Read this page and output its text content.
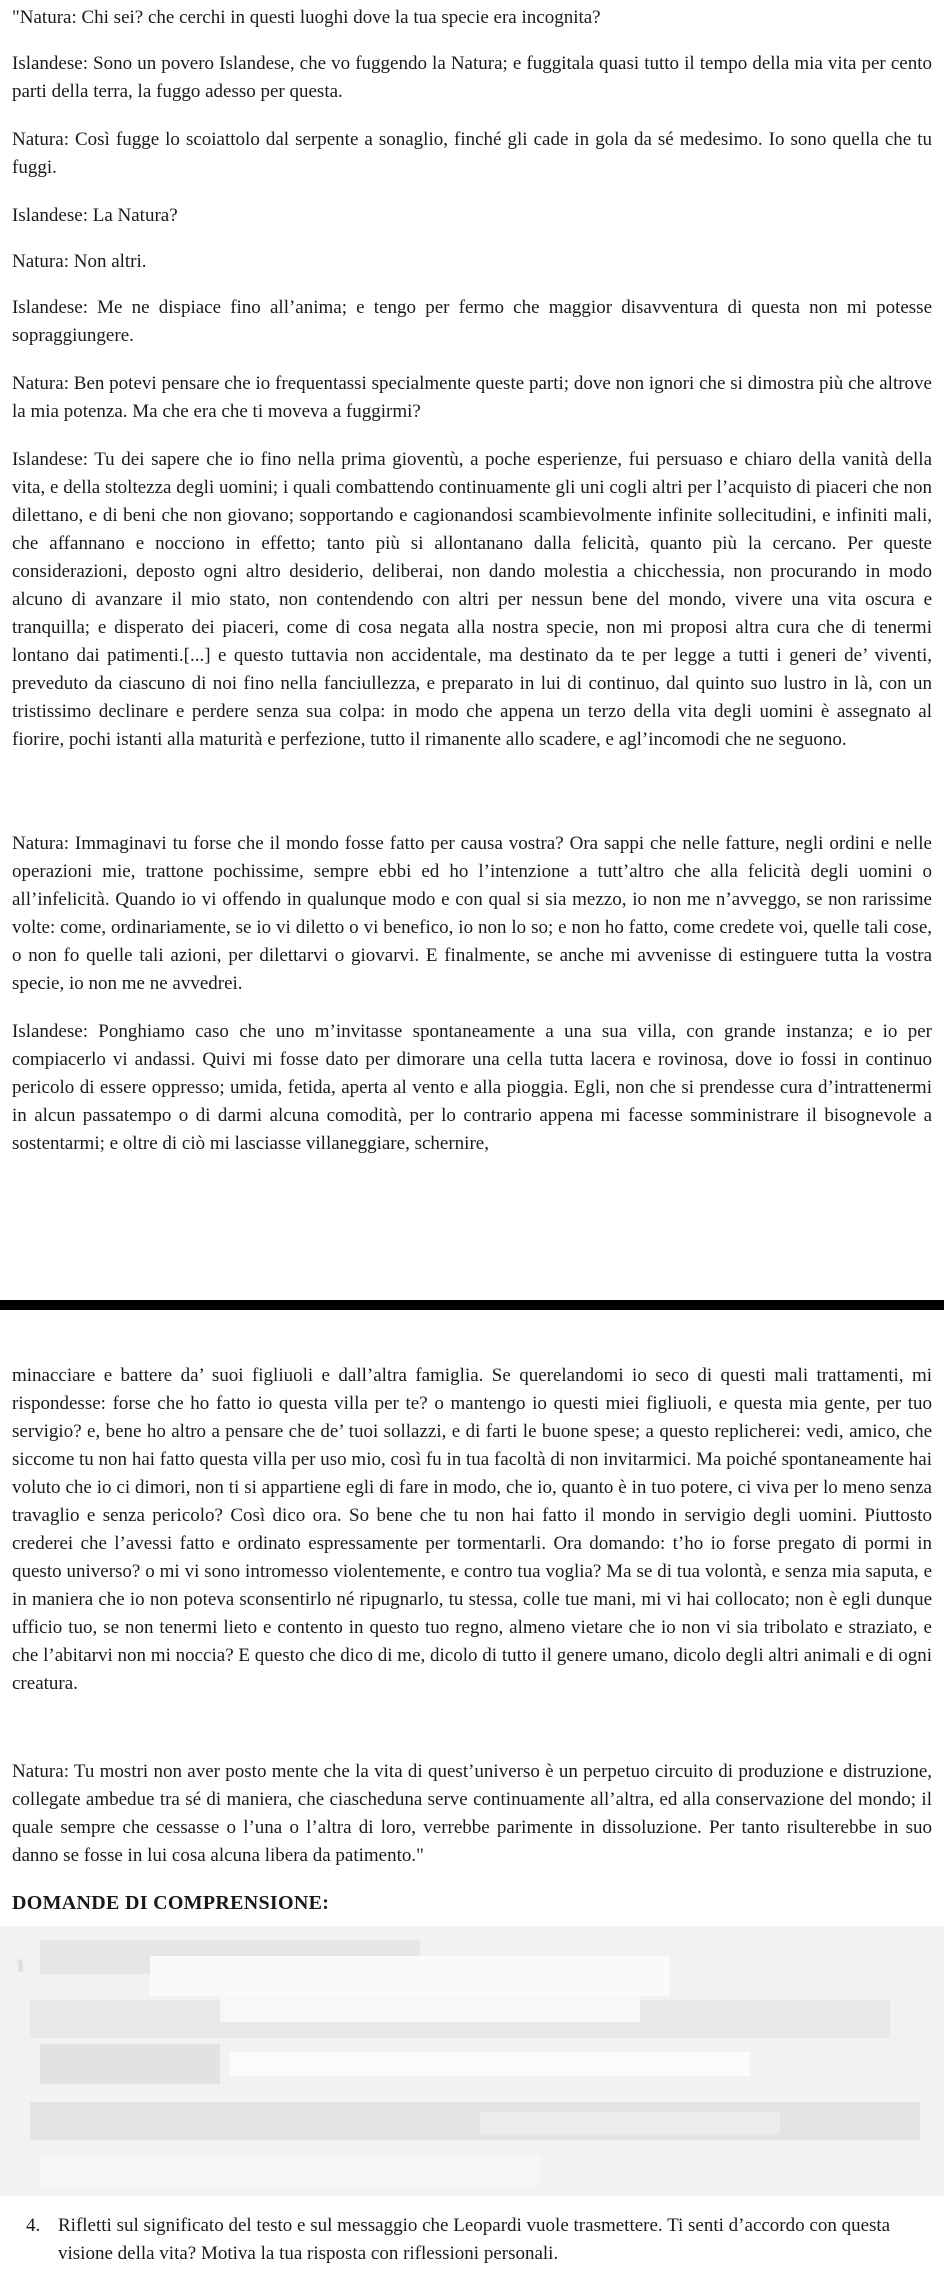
"Natura: Chi sei? che cerchi in questi luoghi dove la tua specie era incognita?

Islandese: Sono un povero Islandese, che vo fuggendo la Natura; e fuggitala quasi tutto il tempo della mia vita per cento parti della terra, la fuggo adesso per questa.

Natura: Così fugge lo scoiattolo dal serpente a sonaglio, finché gli cade in gola da sé medesimo. Io sono quella che tu fuggi.

Islandese: La Natura?

Natura: Non altri.

Islandese: Me ne dispiace fino all’anima; e tengo per fermo che maggior disavventura di questa non mi potesse sopraggiungere.

Natura: Ben potevi pensare che io frequentassi specialmente queste parti; dove non ignori che si dimostra più che altrove la mia potenza. Ma che era che ti moveva a fuggirmi?

Islandese: Tu dei sapere che io fino nella prima gioventù, a poche esperienze, fui persuaso e chiaro della vanità della vita, e della stoltezza degli uomini; i quali combattendo continuamente gli uni cogli altri per l’acquisto di piaceri che non dilettano, e di beni che non giovano; sopportando e cagionandosi scambievolmente infinite sollecitudini, e infiniti mali, che affannano e nocciono in effetto; tanto più si allontanano dalla felicità, quanto più la cercano. Per queste considerazioni, deposto ogni altro desiderio, deliberai, non dando molestia a chicchessia, non procurando in modo alcuno di avanzare il mio stato, non contendendo con altri per nessun bene del mondo, vivere una vita oscura e tranquilla; e disperato dei piaceri, come di cosa negata alla nostra specie, non mi proposi altra cura che di tenermi lontano dai patimenti.[...] e questo tuttavia non accidentale, ma destinato da te per legge a tutti i generi de’ viventi, preveduto da ciascuno di noi fino nella fanciullezza, e preparato in lui di continuo, dal quinto suo lustro in là, con un tristissimo declinare e perdere senza sua colpa: in modo che appena un terzo della vita degli uomini è assegnato al fiorire, pochi istanti alla maturità e perfezione, tutto il rimanente allo scadere, e agl’incomodi che ne seguono.

Natura: Immaginavi tu forse che il mondo fosse fatto per causa vostra? Ora sappi che nelle fatture, negli ordini e nelle operazioni mie, trattone pochissime, sempre ebbi ed ho l’intenzione a tutt’altro che alla felicità degli uomini o all’infelicità. Quando io vi offendo in qualunque modo e con qual si sia mezzo, io non me n’avveggo, se non rarissime volte: come, ordinariamente, se io vi diletto o vi benefico, io non lo so; e non ho fatto, come credete voi, quelle tali cose, o non fo quelle tali azioni, per dilettarvi o giovarvi. E finalmente, se anche mi avvenisse di estinguere tutta la vostra specie, io non me ne avvedrei.

Islandese: Ponghiamo caso che uno m’invitasse spontaneamente a una sua villa, con grande instanza; e io per compiacerlo vi andassi. Quivi mi fosse dato per dimorare una cella tutta lacera e rovinosa, dove io fossi in continuo pericolo di essere oppresso; umida, fetida, aperta al vento e alla pioggia. Egli, non che si prendesse cura d’intrattenermi in alcun passatempo o di darmi alcuna comodità, per lo contrario appena mi facesse somministrare il bisognevole a sostentarmi; e oltre di ciò mi lasciasse villaneggiare, schernire,

minacciare e battere da’ suoi figliuoli e dall’altra famiglia. Se querelandomi io seco di questi mali trattamenti, mi rispondesse: forse che ho fatto io questa villa per te? o mantengo io questi miei figliuoli, e questa mia gente, per tuo servigio? e, bene ho altro a pensare che de’ tuoi sollazzi, e di farti le buone spese; a questo replicherei: vedi, amico, che siccome tu non hai fatto questa villa per uso mio, così fu in tua facoltà di non invitarmici. Ma poiché spontaneamente hai voluto che io ci dimori, non ti si appartiene egli di fare in modo, che io, quanto è in tuo potere, ci viva per lo meno senza travaglio e senza pericolo? Così dico ora. So bene che tu non hai fatto il mondo in servigio degli uomini. Piuttosto crederei che l’avessi fatto e ordinato espressamente per tormentarli. Ora domando: t’ho io forse pregato di pormi in questo universo? o mi vi sono intromesso violentemente, e contro tua voglia? Ma se di tua volontà, e senza mia saputa, e in maniera che io non poteva sconsentirlo né ripugnarlo, tu stessa, colle tue mani, mi vi hai collocato; non è egli dunque ufficio tuo, se non tenermi lieto e contento in questo tuo regno, almeno vietare che io non vi sia tribolato e straziato, e che l’abitarvi non mi noccia? E questo che dico di me, dicolo di tutto il genere umano, dicolo degli altri animali e di ogni creatura.

Natura: Tu mostri non aver posto mente che la vita di quest’universo è un perpetuo circuito di produzione e distruzione, collegate ambedue tra sé di maniera, che ciascheduna serve continuamente all’altra, ed alla conservazione del mondo; il quale sempre che cessasse o l’una o l’altra di loro, verrebbe parimente in dissoluzione. Per tanto risulterebbe in suo danno se fosse in lui cosa alcuna libera da patimento."

DOMANDE DI COMPRENSIONE:
1
4. Rifletti sul significato del testo e sul messaggio che Leopardi vuole trasmettere. Ti senti d’accordo con questa visione della vita? Motiva la tua risposta con riflessioni personali.
